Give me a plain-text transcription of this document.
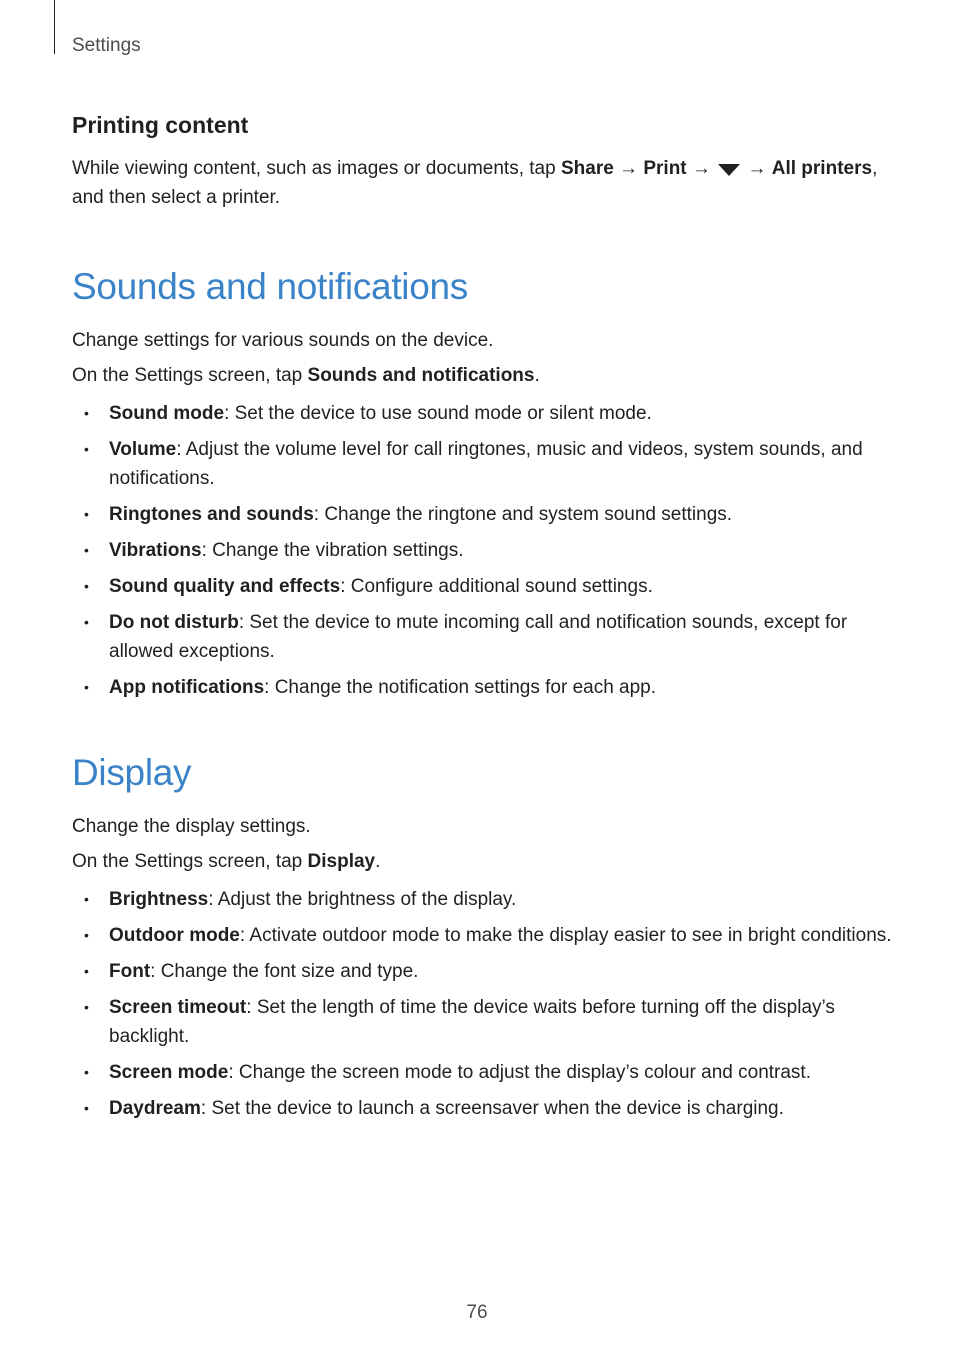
Settings
Printing content

While viewing content, such as images or documents, tap Share → Print →  → All printers, and then select a printer.

Sounds and notifications

Change settings for various sounds on the device.

On the Settings screen, tap Sounds and notifications.

• Sound mode: Set the device to use sound mode or silent mode.
• Volume: Adjust the volume level for call ringtones, music and videos, system sounds, and notifications.
• Ringtones and sounds: Change the ringtone and system sound settings.
• Vibrations: Change the vibration settings.
• Sound quality and effects: Configure additional sound settings.
• Do not disturb: Set the device to mute incoming call and notification sounds, except for allowed exceptions.
• App notifications: Change the notification settings for each app.
Display

Change the display settings.

On the Settings screen, tap Display.

• Brightness: Adjust the brightness of the display.
• Outdoor mode: Activate outdoor mode to make the display easier to see in bright conditions.
• Font: Change the font size and type.
• Screen timeout: Set the length of time the device waits before turning off the display’s backlight.
• Screen mode: Change the screen mode to adjust the display’s colour and contrast.
• Daydream: Set the device to launch a screensaver when the device is charging.
76
